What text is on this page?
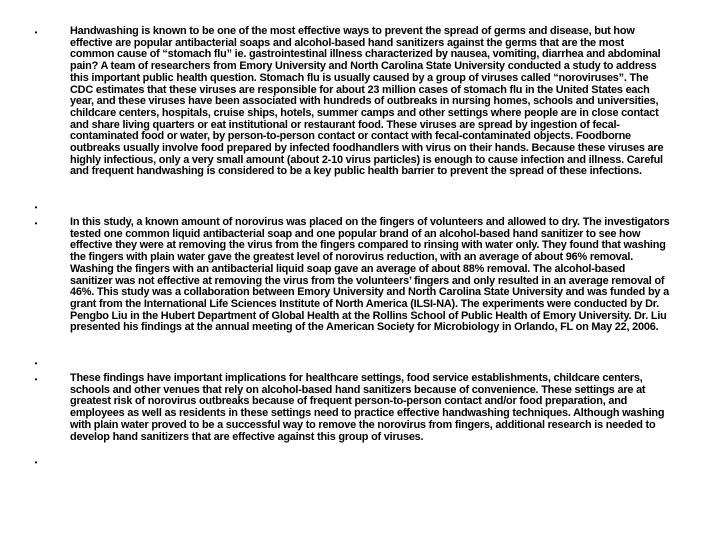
•	Handwashing is known to be one of the most effective ways to prevent the spread of germs and disease, but how effective are popular antibacterial soaps and alcohol-based hand sanitizers against the germs that are the most common cause of “stomach flu” ie. gastrointestinal illness characterized by nausea, vomiting, diarrhea and abdominal pain? A team of researchers from Emory University and North Carolina State University conducted a study to address this important public health question. Stomach flu is usually caused by a group of viruses called “noroviruses”. The CDC estimates that these viruses are responsible for about 23 million cases of stomach flu in the United States each year, and these viruses have been associated with hundreds of outbreaks in nursing homes, schools and universities, childcare centers, hospitals, cruise ships, hotels, summer camps and other settings where people are in close contact and share living quarters or eat institutional or restaurant food. These viruses are spread by ingestion of fecal-contaminated food or water, by person-to-person contact or contact with fecal-contaminated objects. Foodborne outbreaks usually involve food prepared by infected foodhandlers with virus on their hands. Because these viruses are highly infectious, only a very small amount (about 2-10 virus particles) is enough to cause infection and illness. Careful and frequent handwashing is considered to be a key public health barrier to prevent the spread of these infections.

•
•	In this study, a known amount of norovirus was placed on the fingers of volunteers and allowed to dry. The investigators tested one common liquid antibacterial soap and one popular brand of an alcohol-based hand sanitizer to see how effective they were at removing the virus from the fingers compared to rinsing with water only. They found that washing the fingers with plain water gave the greatest level of norovirus reduction, with an average of about 96% removal. Washing the fingers with an antibacterial liquid soap gave an average of about 88% removal. The alcohol-based sanitizer was not effective at removing the virus from the volunteers’ fingers and only resulted in an average removal of 46%. This study was a collaboration between Emory University and North Carolina State University and was funded by a grant from the International Life Sciences Institute of North America (ILSI-NA). The experiments were conducted by Dr. Pengbo Liu in the Hubert Department of Global Health at the Rollins School of Public Health of Emory University. Dr. Liu presented his findings at the annual meeting of the American Society for Microbiology in Orlando, FL on May 22, 2006.

•
•	These findings have important implications for healthcare settings, food service establishments, childcare centers, schools and other venues that rely on alcohol-based hand sanitizers because of convenience. These settings are at greatest risk of norovirus outbreaks because of frequent person-to-person contact and/or food preparation, and employees as well as residents in these settings need to practice effective handwashing techniques. Although washing with plain water proved to be a successful way to remove the norovirus from fingers, additional research is needed to develop hand sanitizers that are effective against this group of viruses.

•
